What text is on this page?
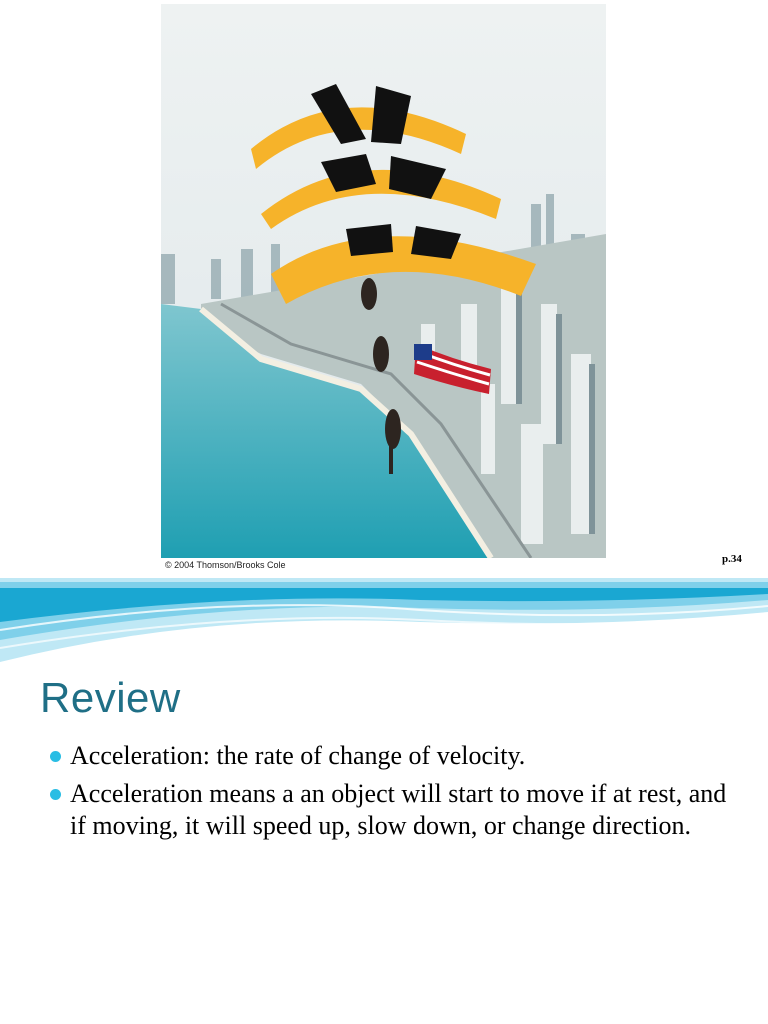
© 2004 Thomson/Brooks Cole	p.34
Review
Acceleration: the rate of change of velocity.
Acceleration means a an object will start to move if at rest, and if moving, it will speed up, slow down, or change direction.
